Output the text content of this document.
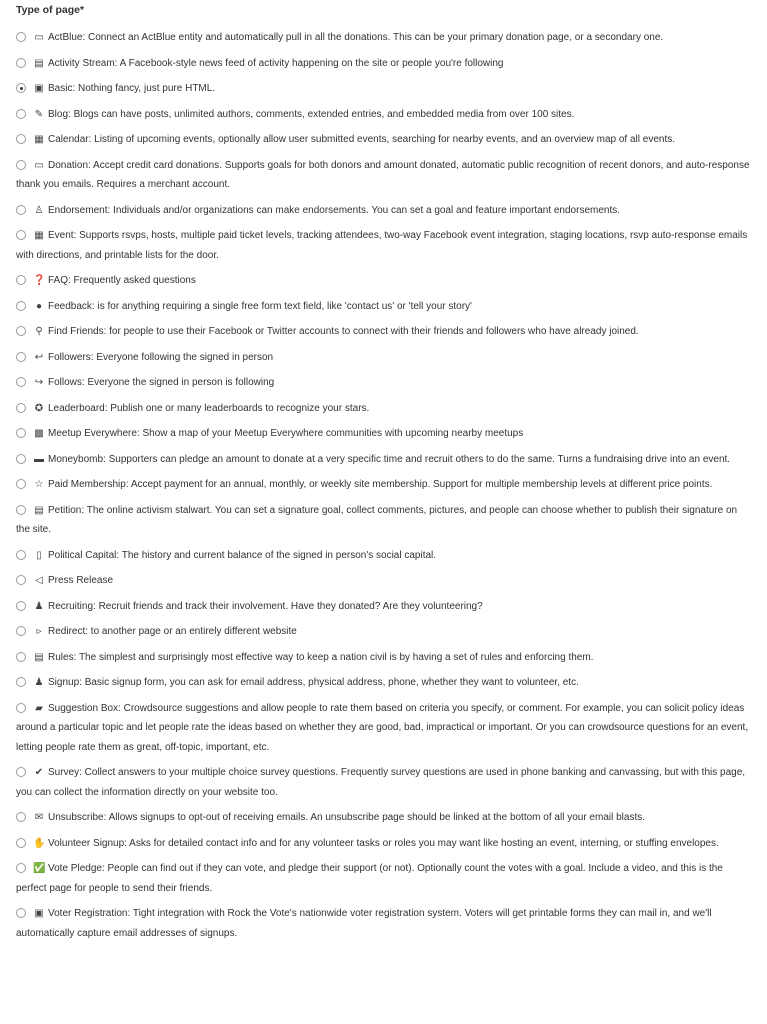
Type of page*
▭ ActBlue: Connect an ActBlue entity and automatically pull in all the donations. This can be your primary donation page, or a secondary one.
▤ Activity Stream: A Facebook-style news feed of activity happening on the site or people you're following
▣ Basic: Nothing fancy, just pure HTML.
✎ Blog: Blogs can have posts, unlimited authors, comments, extended entries, and embedded media from over 100 sites.
▦ Calendar: Listing of upcoming events, optionally allow user submitted events, searching for nearby events, and an overview map of all events.
▭ Donation: Accept credit card donations. Supports goals for both donors and amount donated, automatic public recognition of recent donors, and auto-response thank you emails. Requires a merchant account.
♙ Endorsement: Individuals and/or organizations can make endorsements. You can set a goal and feature important endorsements.
▦ Event: Supports rsvps, hosts, multiple paid ticket levels, tracking attendees, two-way Facebook event integration, staging locations, rsvp auto-response emails with directions, and printable lists for the door.
❓ FAQ: Frequently asked questions
● Feedback: is for anything requiring a single free form text field, like 'contact us' or 'tell your story'
⚲ Find Friends: for people to use their Facebook or Twitter accounts to connect with their friends and followers who have already joined.
↩ Followers: Everyone following the signed in person
↪ Follows: Everyone the signed in person is following
✪ Leaderboard: Publish one or many leaderboards to recognize your stars.
▩ Meetup Everywhere: Show a map of your Meetup Everywhere communities with upcoming nearby meetups
▬ Moneybomb: Supporters can pledge an amount to donate at a very specific time and recruit others to do the same. Turns a fundraising drive into an event.
☆ Paid Membership: Accept payment for an annual, monthly, or weekly site membership. Support for multiple membership levels at different price points.
▤ Petition: The online activism stalwart. You can set a signature goal, collect comments, pictures, and people can choose whether to publish their signature on the site.
▯ Political Capital: The history and current balance of the signed in person's social capital.
◁ Press Release
♟ Recruiting: Recruit friends and track their involvement. Have they donated? Are they volunteering?
▹ Redirect: to another page or an entirely different website
▤ Rules: The simplest and surprisingly most effective way to keep a nation civil is by having a set of rules and enforcing them.
♟ Signup: Basic signup form, you can ask for email address, physical address, phone, whether they want to volunteer, etc.
▰ Suggestion Box: Crowdsource suggestions and allow people to rate them based on criteria you specify, or comment. For example, you can solicit policy ideas around a particular topic and let people rate the ideas based on whether they are good, bad, impractical or important. Or you can crowdsource questions for an event, letting people rate them as great, off-topic, important, etc.
✔ Survey: Collect answers to your multiple choice survey questions. Frequently survey questions are used in phone banking and canvassing, but with this page, you can collect the information directly on your website too.
✉ Unsubscribe: Allows signups to opt-out of receiving emails. An unsubscribe page should be linked at the bottom of all your email blasts.
✋ Volunteer Signup: Asks for detailed contact info and for any volunteer tasks or roles you may want like hosting an event, interning, or stuffing envelopes.
✅ Vote Pledge: People can find out if they can vote, and pledge their support (or not). Optionally count the votes with a goal. Include a video, and this is the perfect page for people to send their friends.
▣ Voter Registration: Tight integration with Rock the Vote's nationwide voter registration system. Voters will get printable forms they can mail in, and we'll automatically capture email addresses of signups.
